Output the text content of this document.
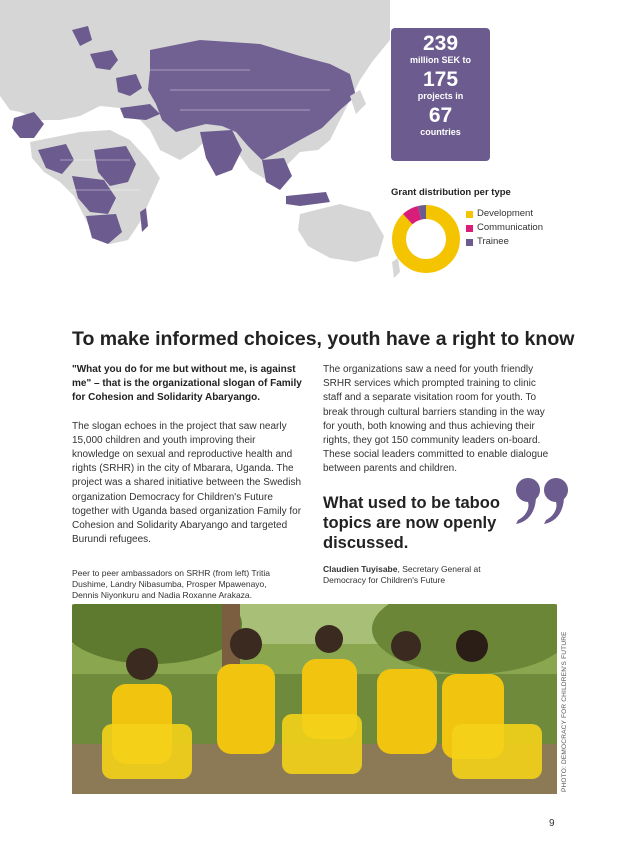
239
million SEK to
175
projects in
67
countries
Grant distribution per type
Development
Communication
Trainee
To make informed choices, youth have a right to know

"What you do for me but without me, is against me" – that is the organizational slogan of Family for Cohesion and Solidarity Abaryango.

The slogan echoes in the project that saw nearly 15,000 children and youth improving their knowledge on sexual and reproductive health and rights (SRHR) in the city of Mbarara, Uganda. The project was a shared initiative between the Swedish organization Democracy for Children's Future together with Uganda based organization Family for Cohesion and Solidarity Abaryango and targeted Burundi refugees.

The organizations saw a need for youth friendly SRHR services which prompted training to clinic staff and a separate visitation room for youth. To break through cultural barriers standing in the way for youth, both knowing and thus achieving their rights, they got 150 community leaders on-board. These social leaders committed to enable dialogue between parents and children.

What used to be taboo topics are now openly discussed.
Claudien Tuyisabe, Secretary General at Democracy for Children's Future
Peer to peer ambassadors on SRHR (from left) Tritia Dushime, Landry Nibasumba, Prosper Mpawenayo, Dennis Niyonkuru and Nadia Roxanne Arakaza.
PHOTO: DEMOCRACY FOR CHILDREN'S FUTURE
9
